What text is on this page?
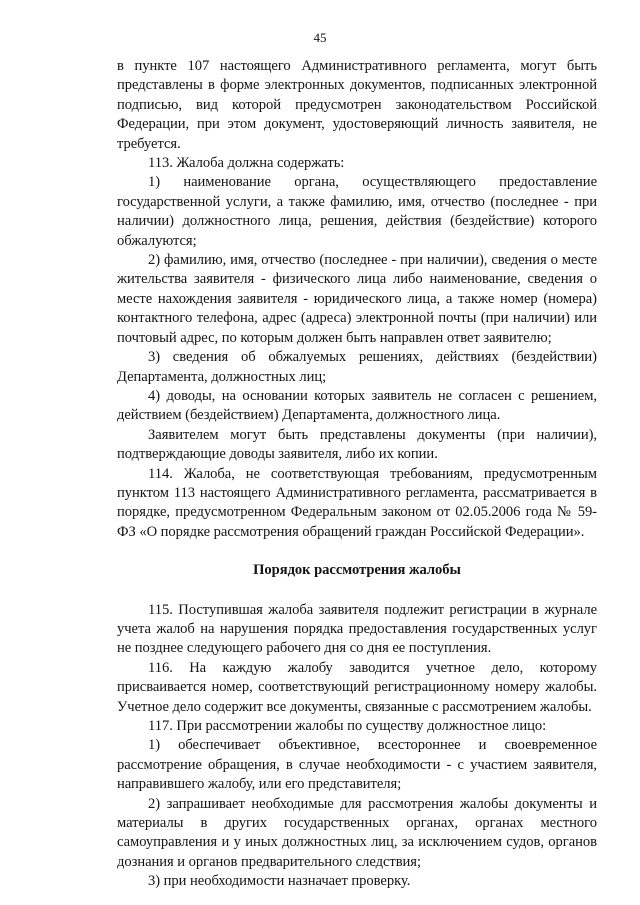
45

в пункте 107 настоящего Административного регламента, могут быть представлены в форме электронных документов, подписанных электронной подписью, вид которой предусмотрен законодательством Российской Федерации, при этом документ, удостоверяющий личность заявителя, не требуется.

113. Жалоба должна содержать:

1) наименование органа, осуществляющего предоставление государственной услуги, а также фамилию, имя, отчество (последнее - при наличии) должностного лица, решения, действия (бездействие) которого обжалуются;

2) фамилию, имя, отчество (последнее - при наличии), сведения о месте жительства заявителя - физического лица либо наименование, сведения о месте нахождения заявителя - юридического лица, а также номер (номера) контактного телефона, адрес (адреса) электронной почты (при наличии) или почтовый адрес, по которым должен быть направлен ответ заявителю;

3) сведения об обжалуемых решениях, действиях (бездействии) Департамента, должностных лиц;

4) доводы, на основании которых заявитель не согласен с решением, действием (бездействием) Департамента, должностного лица.

Заявителем могут быть представлены документы (при наличии), подтверждающие доводы заявителя, либо их копии.

114. Жалоба, не соответствующая требованиям, предусмотренным пунктом 113 настоящего Административного регламента, рассматривается в порядке, предусмотренном Федеральным законом от 02.05.2006 года № 59-ФЗ «О порядке рассмотрения обращений граждан Российской Федерации».

Порядок рассмотрения жалобы

115. Поступившая жалоба заявителя подлежит регистрации в журнале учета жалоб на нарушения порядка предоставления государственных услуг не позднее следующего рабочего дня со дня ее поступления.

116. На каждую жалобу заводится учетное дело, которому присваивается номер, соответствующий регистрационному номеру жалобы. Учетное дело содержит все документы, связанные с рассмотрением жалобы.

117. При рассмотрении жалобы по существу должностное лицо:

1) обеспечивает объективное, всестороннее и своевременное рассмотрение обращения, в случае необходимости - с участием заявителя, направившего жалобу, или его представителя;

2) запрашивает необходимые для рассмотрения жалобы документы и материалы в других государственных органах, органах местного самоуправления и у иных должностных лиц, за исключением судов, органов дознания и органов предварительного следствия;

3) при необходимости назначает проверку.
